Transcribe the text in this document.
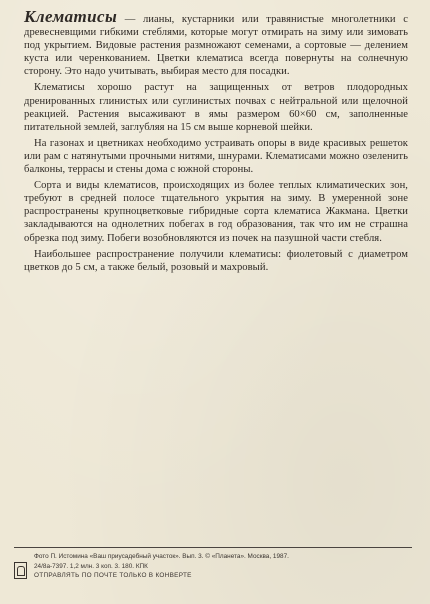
Клематисы — лианы, кустарники или травянистые многолетники с древесневщими гибкими стеблями, которые могут отмирать на зиму или зимовать под укрытием. Видовые растения размножают семенами, а сортовые — делением куста или черенкованием. Цветки клематиса всегда повернуты на солнечную сторону. Это надо учитывать, выбирая место для посадки.

Клематисы хорошо растут на защищенных от ветров плодородных дренированных глинистых или суглинистых почвах с нейтральной или щелочной реакцией. Растения высаживают в ямы размером 60×60 см, заполненные питательной землей, заглубляя на 15 см выше корневой шейки.

На газонах и цветниках необходимо устраивать опоры в виде красивых решеток или рам с натянутыми прочными нитями, шнурами. Клематисами можно озеленить балконы, террасы и стены дома с южной стороны.

Сорта и виды клематисов, происходящих из более теплых климатических зон, требуют в средней полосе тщательного укрытия на зиму. В умеренной зоне распространены крупноцветковые гибридные сорта клематиса Жакмана. Цветки закладываются на однолетних побегах в год образования, так что им не страшна обрезка под зиму. Побеги возобновляются из почек на пазушной части стебля.

Наибольшее распространение получили клематисы: фиолетовый с диаметром цветков до 5 см, а также белый, розовый и махровый.

Фото П. Истомина «Ваш приусадебный участок». Вып. 3. © «Планета». Москва, 1987.
24/8а-7397. 1,2 млн. 3 коп. 3. 180. КПК
ОТПРАВЛЯТЬ ПО ПОЧТЕ ТОЛЬКО В КОНВЕРТЕ
